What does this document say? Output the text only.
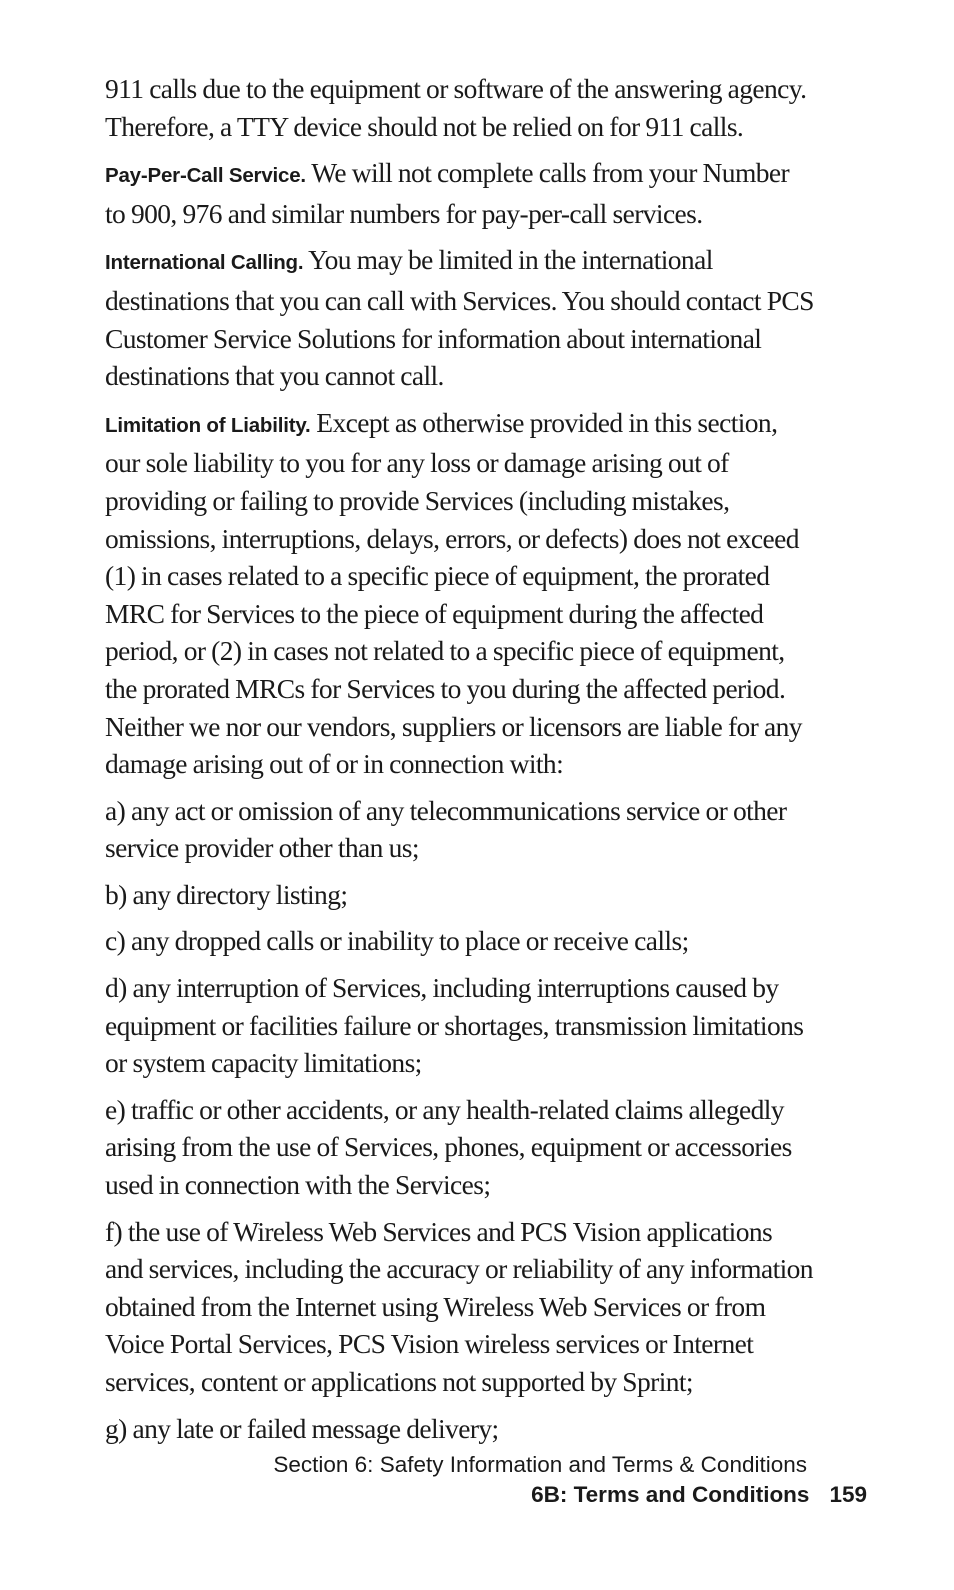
911 calls due to the equipment or software of the answering agency. Therefore, a TTY device should not be relied on for 911 calls.

Pay-Per-Call Service. We will not complete calls from your Number to 900, 976 and similar numbers for pay-per-call services.

International Calling. You may be limited in the international destinations that you can call with Services. You should contact PCS Customer Service Solutions for information about international destinations that you cannot call.

Limitation of Liability. Except as otherwise provided in this section, our sole liability to you for any loss or damage arising out of providing or failing to provide Services (including mistakes, omissions, interruptions, delays, errors, or defects) does not exceed (1) in cases related to a specific piece of equipment, the prorated MRC for Services to the piece of equipment during the affected period, or (2) in cases not related to a specific piece of equipment, the prorated MRCs for Services to you during the affected period. Neither we nor our vendors, suppliers or licensors are liable for any damage arising out of or in connection with:

a) any act or omission of any telecommunications service or other service provider other than us;

b) any directory listing;

c) any dropped calls or inability to place or receive calls;

d) any interruption of Services, including interruptions caused by equipment or facilities failure or shortages, transmission limitations or system capacity limitations;

e) traffic or other accidents, or any health-related claims allegedly arising from the use of Services, phones, equipment or accessories used in connection with the Services;

f) the use of Wireless Web Services and PCS Vision applications and services, including the accuracy or reliability of any information obtained from the Internet using Wireless Web Services or from Voice Portal Services, PCS Vision wireless services or Internet services, content or applications not supported by Sprint;

g) any late or failed message delivery;

Section 6: Safety Information and Terms & Conditions
6B: Terms and Conditions 159
